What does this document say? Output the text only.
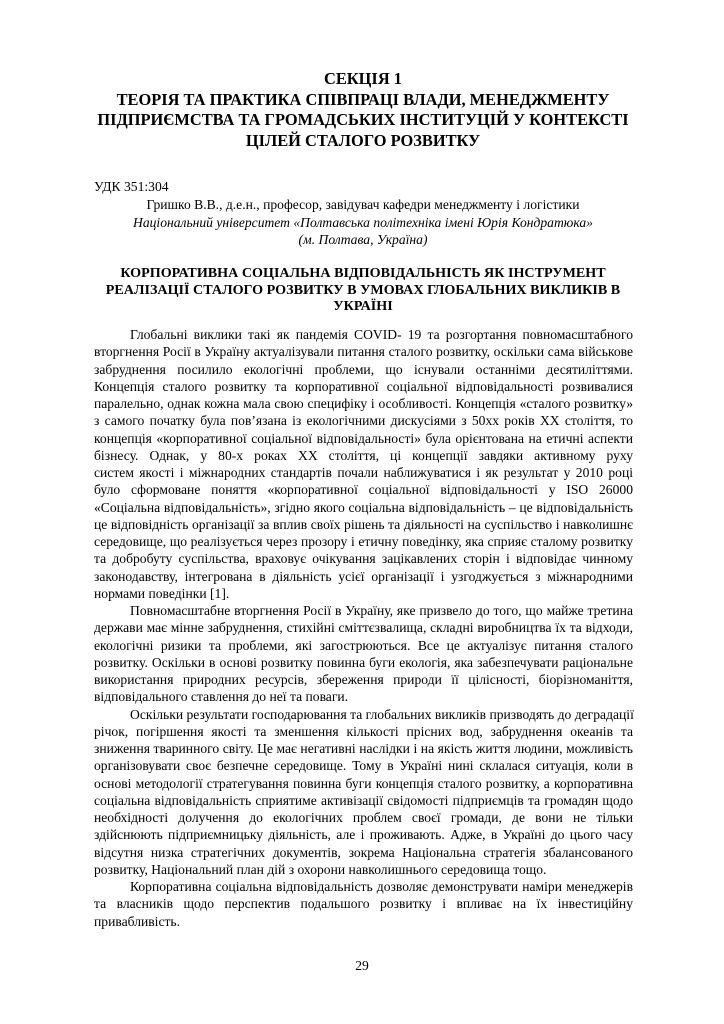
СЕКЦІЯ 1
ТЕОРІЯ ТА ПРАКТИКА СПІВПРАЦІ ВЛАДИ, МЕНЕДЖМЕНТУ
ПІДПРИЄМСТВА ТА ГРОМАДСЬКИХ ІНСТИТУЦІЙ У КОНТЕКСТІ
ЦІЛЕЙ СТАЛОГО РОЗВИТКУ
УДК 351:304
Гришко В.В., д.е.н., професор, завідувач кафедри менеджменту і логістики
Національний університет «Полтавська політехніка імені Юрія Кондратюка»
(м. Полтава, Україна)
КОРПОРАТИВНА СОЦІАЛЬНА ВІДПОВІДАЛЬНІСТЬ ЯК ІНСТРУМЕНТ
РЕАЛІЗАЦІЇ СТАЛОГО РОЗВИТКУ В УМОВАХ ГЛОБАЛЬНИХ ВИКЛИКІВ В
УКРАЇНІ
Глобальні виклики такі як пандемія COVID- 19 та розгортання повномасштабного
вторгнення Росії в Україну актуалізували питання сталого розвитку, оскільки сама військове
забруднення посилило екологічні проблеми, що існували останніми десятиліттями.
Концепція сталого розвитку та корпоративної соціальної відповідальності розвивалися
паралельно, однак кожна мала свою специфіку і особливості. Концепція «сталого розвитку»
з самого початку була пов’язана із екологічними дискусіями з 50хх років ХХ століття, то
концепція «корпоративної соціальної відповідальності» була орієнтована на етичні аспекти
бізнесу. Однак, у 80-х роках ХХ століття, ці концепції завдяки активному руху
систем якості і міжнародних стандартів почали наближуватися і як результат у 2010 році
було сформоване поняття «корпоративної соціальної відповідальності у ISO 26000
«Соціальна відповідальність», згідно якого соціальна відповідальність – це відповідальність
це відповідність організації за вплив своїх рішень та діяльності на суспільство і навколишнє
середовище, що реалізується через прозору і етичну поведінку, яка сприяє сталому розвитку
та добробуту суспільства, враховує очікування зацікавлених сторін і відповідає чинному
законодавству, інтегрована в діяльність усієї організації і узгоджується з міжнародними
нормами поведінки [1].
Повномасштабне вторгнення Росії в Україну, яке призвело до того, що майже третина
держави має мінне забруднення, стихійні сміттєзвалища, складні виробництва їх та відходи,
екологічні ризики та проблеми, які загострюються. Все це актуалізує питання сталого
розвитку. Оскільки в основі розвитку повинна буги екологія, яка забезпечувати раціональне
використання природних ресурсів, збереження природи її цілісності, біорізноманіття,
відповідального ставлення до неї та поваги.
Оскільки результати господарювання та глобальних викликів призводять до деградації
річок, погіршення якості та зменшення кількості прісних вод, забруднення океанів та
зниження тваринного світу. Це має негативні наслідки і на якість життя людини, можливість
організовувати своє безпечне середовище. Тому в Україні нині склалася ситуація, коли в
основі методології стратегування повинна буги концепція сталого розвитку, а корпоративна
соціальна відповідальність сприятиме активізації свідомості підприємців та громадян щодо
необхідності долучення до екологічних проблем своєї громади, де вони не тільки
здійснюють підприємницьку діяльність, але і проживають. Адже, в Україні до цього часу
відсутня низка стратегічних документів, зокрема Національна стратегія збалансованого
розвитку, Національний план дій з охорони навколишнього середовища тощо.
Корпоративна соціальна відповідальність дозволяє демонструвати наміри менеджерів
та власників щодо перспектив подальшого розвитку і впливає на їх інвестиційну
привабливість.
29
